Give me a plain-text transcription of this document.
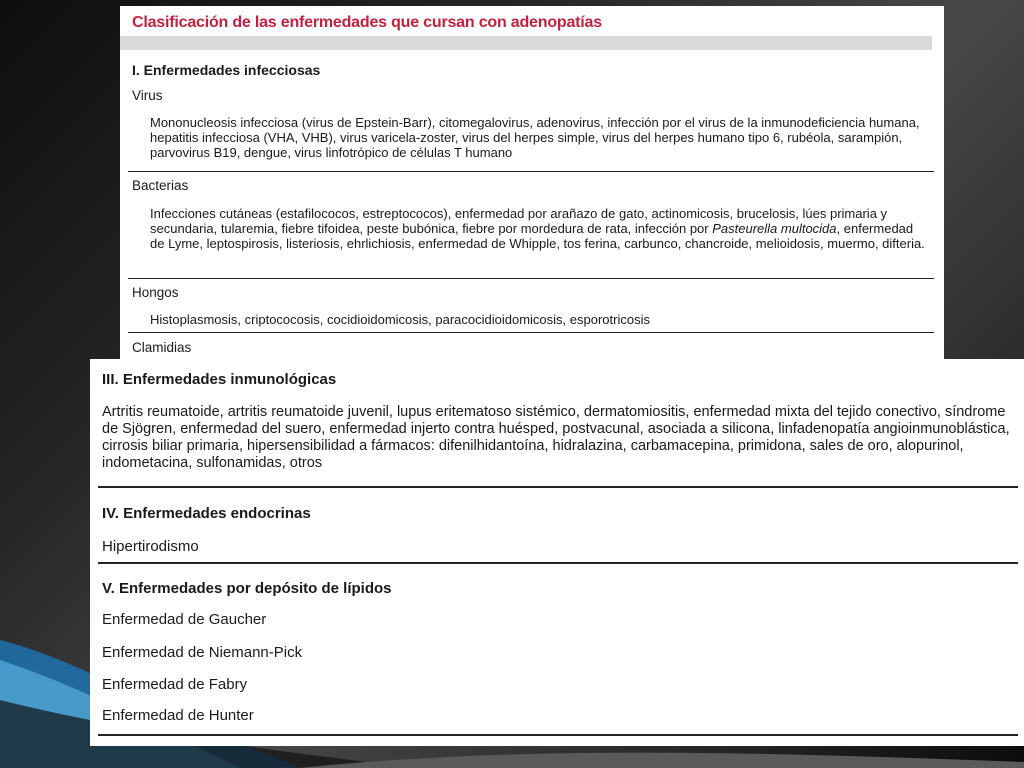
Clasificación de las enfermedades que cursan con adenopatías
I. Enfermedades infecciosas
Virus

Mononucleosis infecciosa (virus de Epstein-Barr), citomegalovirus, adenovirus, infección por el virus de la inmunodeficiencia humana, hepatitis infecciosa (VHA, VHB), virus varicela-zoster, virus del herpes simple, virus del herpes humano tipo 6, rubéola, sarampión, parvovirus B19, dengue, virus linfotrópico de células T humano

Bacterias

Infecciones cutáneas (estafilococos, estreptococos), enfermedad por arañazo de gato, actinomicosis, brucelosis, lúes primaria y secundaria, tularemia, fiebre tifoidea, peste bubónica, fiebre por mordedura de rata, infección por Pasteurella multocida, enfermedad de Lyme, leptospirosis, listeriosis, ehrlichiosis, enfermedad de Whipple, tos ferina, carbunco, chancroide, melioidosis, muermo, difteria.

Hongos

Histoplasmosis, criptococosis, cocidioidomicosis, paracocidioidomicosis, esporotricosis

Clamidias
III. Enfermedades inmunológicas

Artritis reumatoide, artritis reumatoide juvenil, lupus eritematoso sistémico, dermatomiositis, enfermedad mixta del tejido conectivo, síndrome de Sjögren, enfermedad del suero, enfermedad injerto contra huésped, postvacunal, asociada a silicona, linfadenopatía angioinmunoblástica, cirrosis biliar primaria, hipersensibilidad a fármacos: difenilhidantoína, hidralazina, carbamacepina, primidona, sales de oro, alopurinol, indometacina, sulfonamidas, otros

IV. Enfermedades endocrinas
Hipertirodismo
V. Enfermedades por depósito de lípidos
Enfermedad de Gaucher
Enfermedad de Niemann-Pick
Enfermedad de Fabry
Enfermedad de Hunter
